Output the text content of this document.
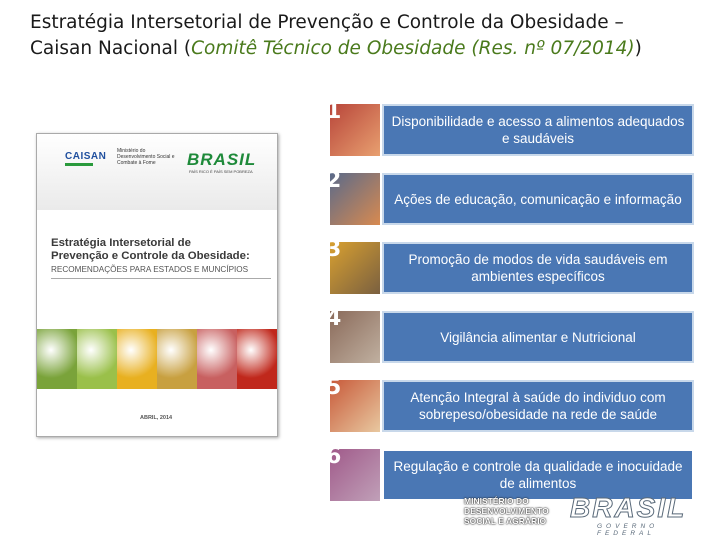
Estratégia Intersetorial de Prevenção e Controle da Obesidade –
Caisan Nacional (Comitê Técnico de Obesidade (Res. nº 07/2014))
CAISAN Ministério do Desenvolvimento Social e Combate à Fome	BRASIL
PAÍS RICO É PAÍS SEM POBREZA
Estratégia Intersetorial de
Prevenção e Controle da Obesidade:
RECOMENDAÇÕES PARA ESTADOS E MUNCÍPIOS
ABRIL, 2014
1	Disponibilidade e acesso a alimentos adequados e saudáveis
2
Ações de educação, comunicação e informação
3	Promoção de modos de vida saudáveis em ambientes específicos
4
Vigilância alimentar e Nutricional
5	Atenção Integral à saúde do individuo com sobrepeso/obesidade na rede de saúde
6	Regulação e controle da qualidade e inocuidade de alimentos
MINISTÉRIO DO
DESENVOLVIMENTO
SOCIAL E AGRÁRIO BRASIL
GOVERNO FEDERAL
